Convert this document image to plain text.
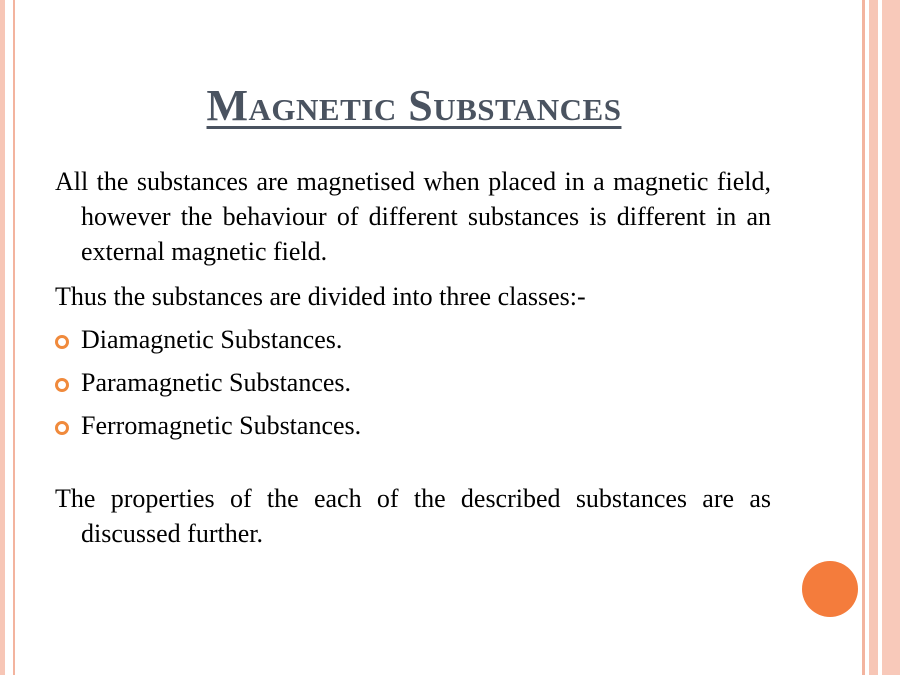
Magnetic Substances

All the substances are magnetised when placed in a magnetic field, however the behaviour of different substances is different in an external magnetic field.

Thus the substances are divided into three classes:-

Diamagnetic Substances.
Paramagnetic Substances.
Ferromagnetic Substances.

The properties of the each of the described substances are as discussed further.
